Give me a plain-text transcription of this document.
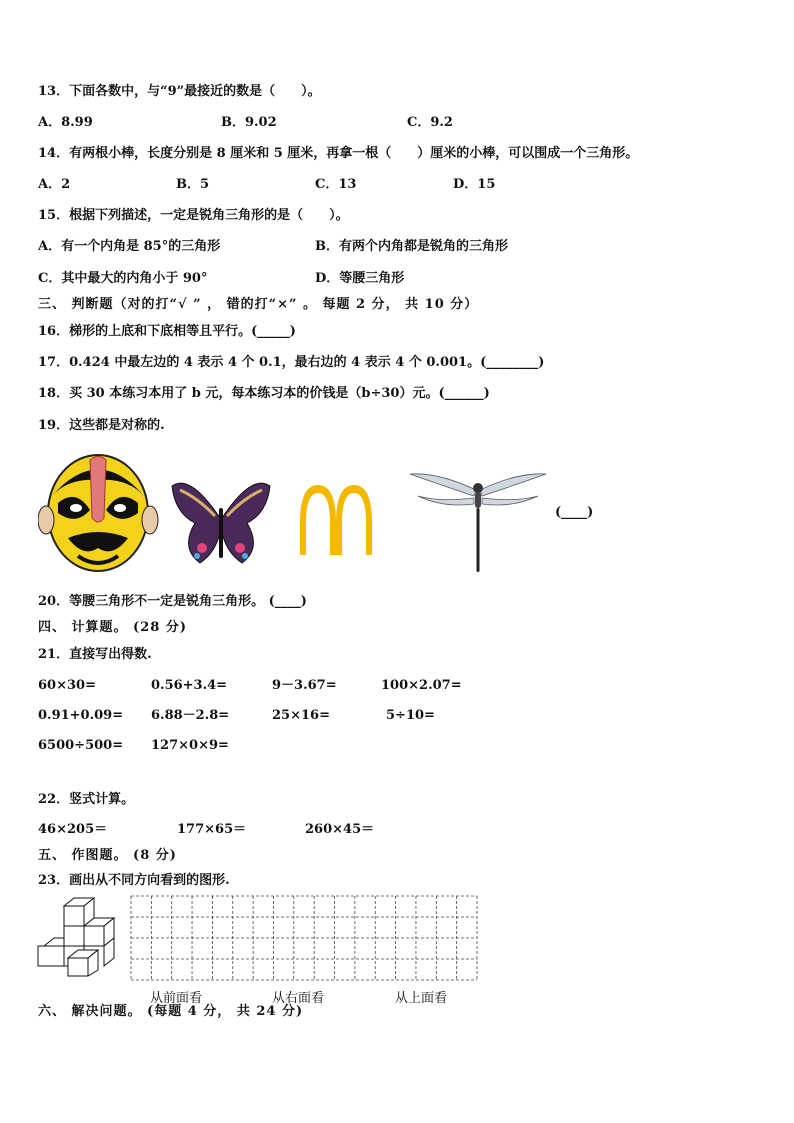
13．下面各数中，与“9”最接近的数是（　　）。
A．8.99	B．9.02	C．9.2
14．有两根小棒，长度分别是 8 厘米和 5 厘米，再拿一根（　　）厘米的小棒，可以围成一个三角形。
A．2	B．5	C．13	D．15
15．根据下列描述，一定是锐角三角形的是（　　）。
A．有一个内角是 85°的三角形	B．有两个内角都是锐角的三角形
C．其中最大的内角小于 90°	D．等腰三角形
三、 判断题（对的打“√ ” ， 错的打“×” 。 每题 2 分， 共 10 分）
16．梯形的上底和下底相等且平行。(_____)
17．0.424 中最左边的 4 表示 4 个 0.1，最右边的 4 表示 4 个 0.001。(________)
18．买 30 本练习本用了 b 元，每本练习本的价钱是（b÷30）元。(______)
19．这些都是对称的.
(____)
20．等腰三角形不一定是锐角三角形。 (____)
四、 计算题。 (28 分)
21．直接写出得数.
60×30=	0.56+3.4=	9－3.67=	100×2.07=
0.91+0.09= 6.88－2.8=	25×16=	5÷10=
6500÷500= 127×0×9=
22．竖式计算。
46×205＝	177×65＝	260×45＝
五、 作图题。 (8 分)
23．画出从不同方向看到的图形.
从前面看	从右面看	从上面看
六、 解决问题。 (每题 4 分， 共 24 分)
